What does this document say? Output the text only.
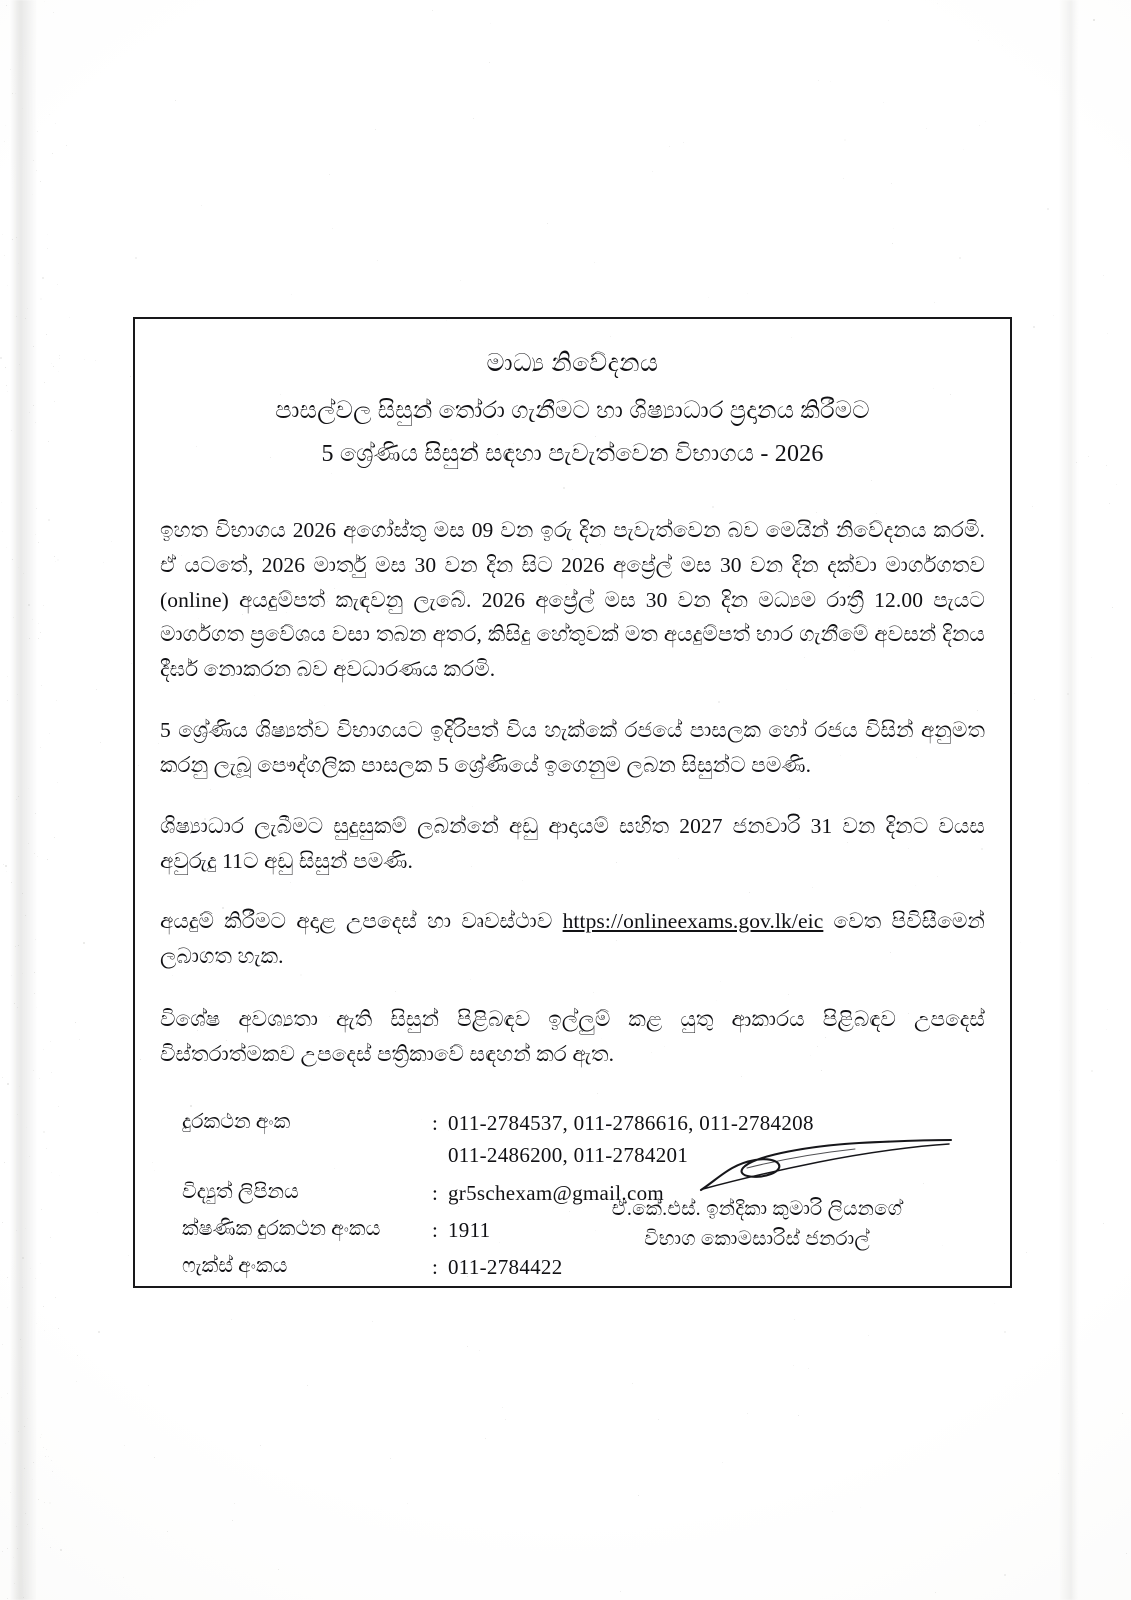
මාධ්‍ය නිවේදනය
පාසල්වල සිසුන් තෝරා ගැනීමට හා ශිෂ්‍යාධාර ප්‍රදානය කිරීමට
5 ශ්‍රේණිය සිසුන් සඳහා පැවැත්වෙන විභාගය - 2026

ඉහත විභාගය 2026 අගෝස්තු මස 09 වන ඉරු දින පැවැත්වෙන බව මෙයින් නිවේදනය කරමි. ඒ යටතේ, 2026 මාර්තු මස 30 වන දින සිට 2026 අප්‍රේල් මස 30 වන දින දක්වා මාර්ගගතව (online) අයදුම්පත් කැඳවනු ලැබේ. 2026 අප්‍රේල් මස 30 වන දින මධ්‍යම රාත්‍රී 12.00 පැයට මාර්ගගත ප්‍රවේශය වසා තබන අතර, කිසිදු හේතුවක් මත අයදුම්පත් භාර ගැනීමේ අවසන් දිනය දීර්ඝ නොකරන බව අවධාරණය කරමි.

5 ශ්‍රේණිය ශිෂ්‍යත්ව විභාගයට ඉදිරිපත් විය හැක්කේ රජයේ පාසලක හෝ රජය විසින් අනුමත කරනු ලැබූ පෞද්ගලික පාසලක 5 ශ්‍රේණියේ ඉගෙනුම ලබන සිසුන්ට පමණි.

ශිෂ්‍යාධාර ලැබීමට සුදුසුකම් ලබන්නේ අඩු ආදායම් සහිත 2027 ජනවාරි 31 වන දිනට වයස අවුරුදු 11ට අඩු සිසුන් පමණි.

අයදුම් කිරීමට අදාළ උපදෙස් හා වෘවස්ථාව https://onlineexams.gov.lk/eic වෙත පිවිසීමෙන් ලබාගත හැක.

විශේෂ අවශ්‍යතා ඇති සිසුන් පිළිබඳව ඉල්ලුම් කළ යුතු ආකාරය පිළිබඳව උපදෙස් විස්තරාත්මකව උපදෙස් පත්‍රිකාවේ සඳහන් කර ඇත.

දුරකථන අංක	: 011-2784537, 011-2786616, 011-2784208
011-2486200, 011-2784201
විද්‍යුත් ලිපිනය	: gr5schexam@gmail.com
ක්ෂණික දුරකථන අංකය	: 1911
ෆැක්ස් අංකය	: 011-2784422
ඒ.කේ.එස්. ඉන්දිකා කුමාරි ලියනගේ
විභාග කොමසාරිස් ජනරාල්
